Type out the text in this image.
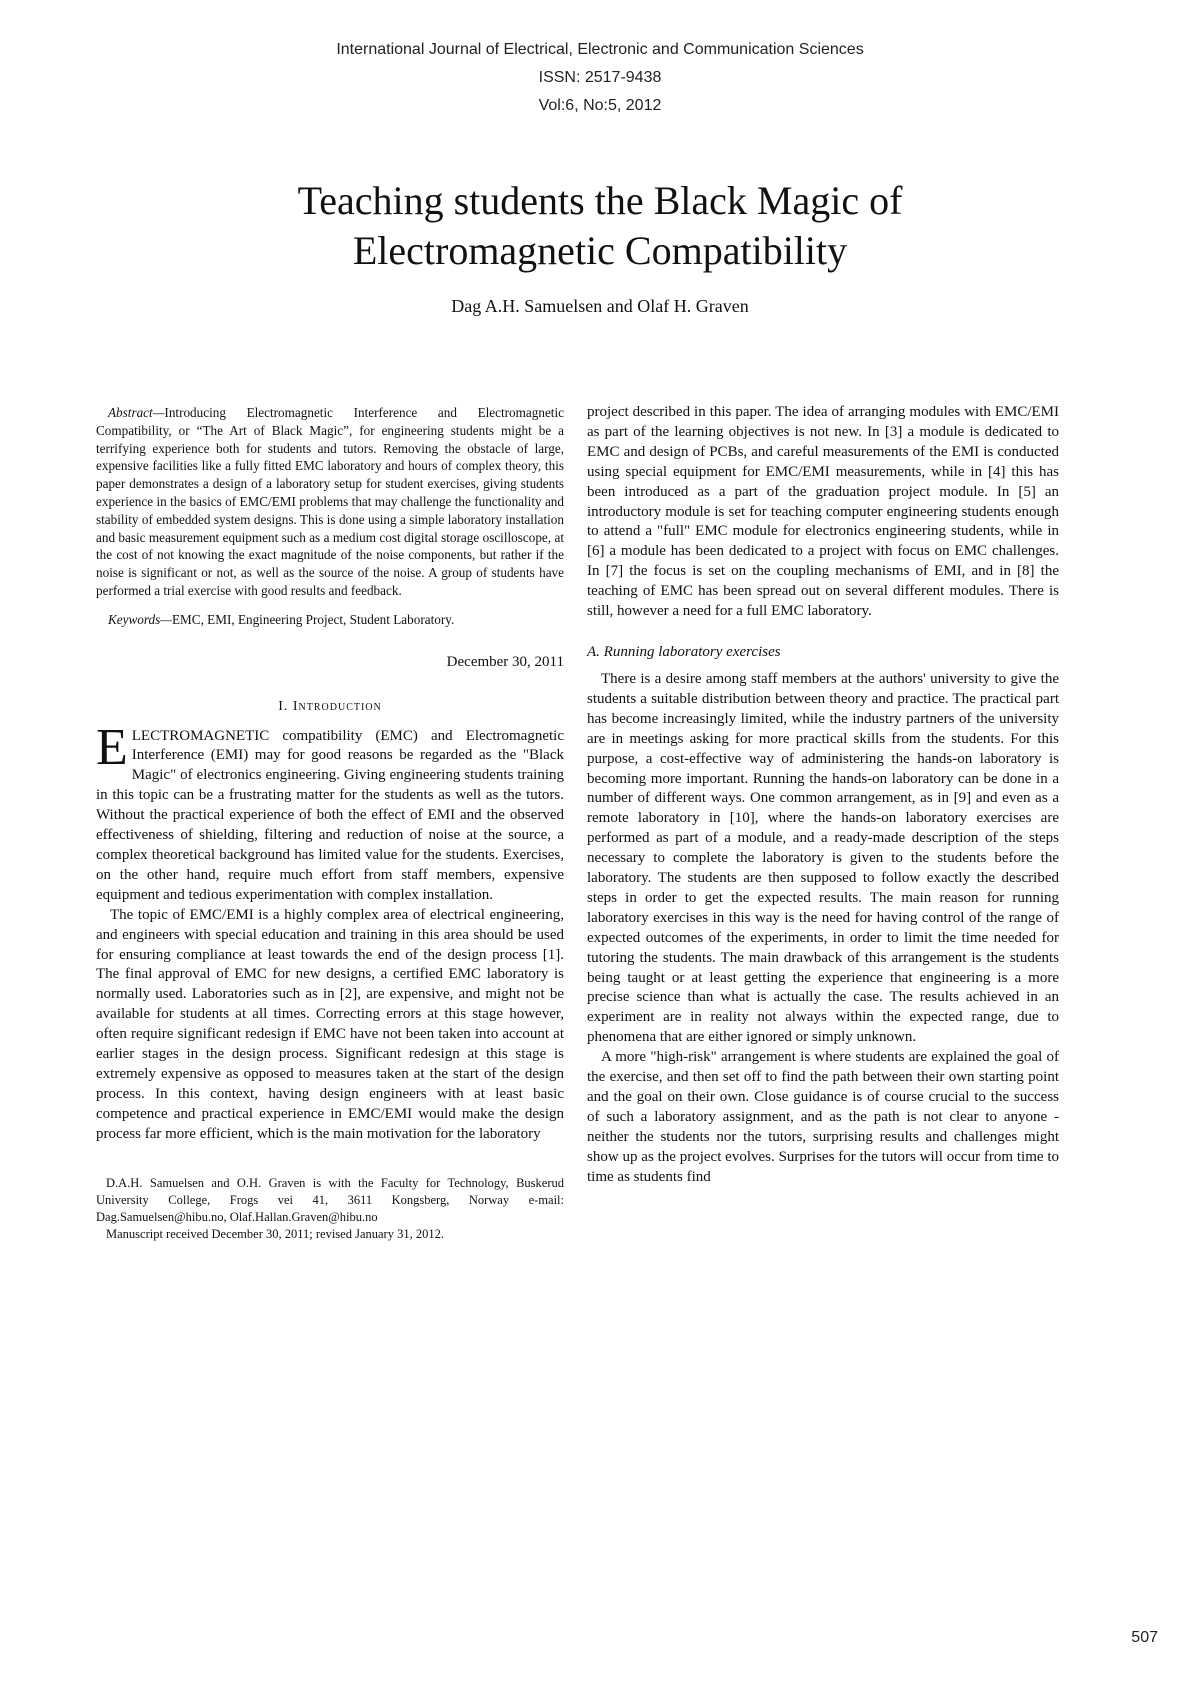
International Journal of Electrical, Electronic and Communication Sciences
ISSN: 2517-9438
Vol:6, No:5, 2012
Teaching students the Black Magic of
Electromagnetic Compatibility
Dag A.H. Samuelsen and Olaf H. Graven

Abstract—Introducing Electromagnetic Interference and Electromagnetic Compatibility, or “The Art of Black Magic”, for engineering students might be a terrifying experience both for students and tutors. Removing the obstacle of large, expensive facilities like a fully fitted EMC laboratory and hours of complex theory, this paper demonstrates a design of a laboratory setup for student exercises, giving students experience in the basics of EMC/EMI problems that may challenge the functionality and stability of embedded system designs. This is done using a simple laboratory installation and basic measurement equipment such as a medium cost digital storage oscilloscope, at the cost of not knowing the exact magnitude of the noise components, but rather if the noise is significant or not, as well as the source of the noise. A group of students have performed a trial exercise with good results and feedback.

Keywords—EMC, EMI, Engineering Project, Student Laboratory.

December 30, 2011

I. Introduction

ELECTROMAGNETIC compatibility (EMC) and Electromagnetic Interference (EMI) may for good reasons be regarded as the "Black Magic" of electronics engineering. Giving engineering students training in this topic can be a frustrating matter for the students as well as the tutors. Without the practical experience of both the effect of EMI and the observed effectiveness of shielding, filtering and reduction of noise at the source, a complex theoretical background has limited value for the students. Exercises, on the other hand, require much effort from staff members, expensive equipment and tedious experimentation with complex installation.

The topic of EMC/EMI is a highly complex area of electrical engineering, and engineers with special education and training in this area should be used for ensuring compliance at least towards the end of the design process [1]. The final approval of EMC for new designs, a certified EMC laboratory is normally used. Laboratories such as in [2], are expensive, and might not be available for students at all times. Correcting errors at this stage however, often require significant redesign if EMC have not been taken into account at earlier stages in the design process. Significant redesign at this stage is extremely expensive as opposed to measures taken at the start of the design process. In this context, having design engineers with at least basic competence and practical experience in EMC/EMI would make the design process far more efficient, which is the main motivation for the laboratory

D.A.H. Samuelsen and O.H. Graven is with the Faculty for Technology, Buskerud University College, Frogs vei 41, 3611 Kongsberg, Norway e-mail: Dag.Samuelsen@hibu.no, Olaf.Hallan.Graven@hibu.no

Manuscript received December 30, 2011; revised January 31, 2012.

project described in this paper. The idea of arranging modules with EMC/EMI as part of the learning objectives is not new. In [3] a module is dedicated to EMC and design of PCBs, and careful measurements of the EMI is conducted using special equipment for EMC/EMI measurements, while in [4] this has been introduced as a part of the graduation project module. In [5] an introductory module is set for teaching computer engineering students enough to attend a "full" EMC module for electronics engineering students, while in [6] a module has been dedicated to a project with focus on EMC challenges. In [7] the focus is set on the coupling mechanisms of EMI, and in [8] the teaching of EMC has been spread out on several different modules. There is still, however a need for a full EMC laboratory.

A. Running laboratory exercises

There is a desire among staff members at the authors' university to give the students a suitable distribution between theory and practice. The practical part has become increasingly limited, while the industry partners of the university are in meetings asking for more practical skills from the students. For this purpose, a cost-effective way of administering the hands-on laboratory is becoming more important. Running the hands-on laboratory can be done in a number of different ways. One common arrangement, as in [9] and even as a remote laboratory in [10], where the hands-on laboratory exercises are performed as part of a module, and a ready-made description of the steps necessary to complete the laboratory is given to the students before the laboratory. The students are then supposed to follow exactly the described steps in order to get the expected results. The main reason for running laboratory exercises in this way is the need for having control of the range of expected outcomes of the experiments, in order to limit the time needed for tutoring the students. The main drawback of this arrangement is the students being taught or at least getting the experience that engineering is a more precise science than what is actually the case. The results achieved in an experiment are in reality not always within the expected range, due to phenomena that are either ignored or simply unknown.

A more "high-risk" arrangement is where students are explained the goal of the exercise, and then set off to find the path between their own starting point and the goal on their own. Close guidance is of course crucial to the success of such a laboratory assignment, and as the path is not clear to anyone - neither the students nor the tutors, surprising results and challenges might show up as the project evolves. Surprises for the tutors will occur from time to time as students find

507
